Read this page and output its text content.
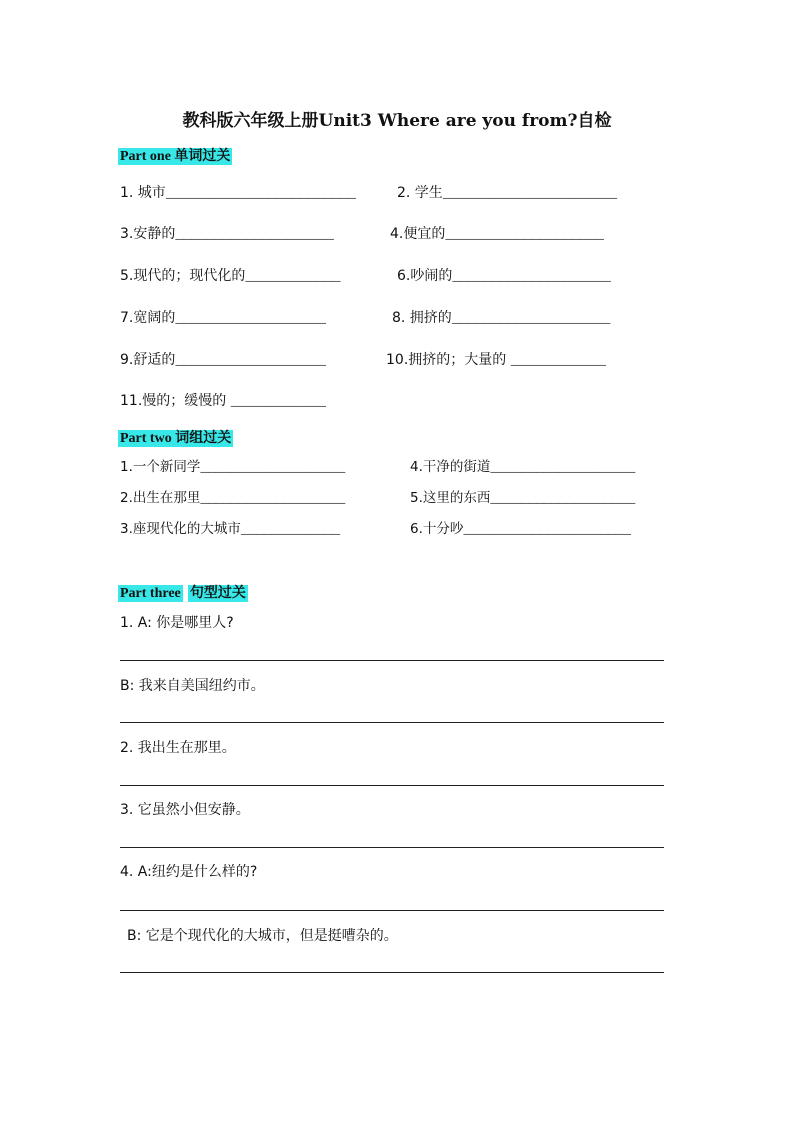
教科版六年级上册Unit3 Where are you from?自检
Part one 单词过关
1. 城市________________________	2. 学生______________________
3.安静的____________________	4.便宜的____________________
5.现代的；现代化的____________	6.吵闹的____________________
7.宽阔的___________________	8. 拥挤的____________________
9.舒适的___________________	10.拥挤的；大量的 ____________
11.慢的；缓慢的 ____________
Part two 词组过关
1.一个新同学___________________	4.干净的街道___________________
2.出生在那里___________________	5.这里的东西___________________
3.座现代化的大城市_____________	6.十分吵______________________
Part three 句型过关
1. A: 你是哪里人?
B: 我来自美国纽约市。
2. 我出生在那里。
3. 它虽然小但安静。
4. A:纽约是什么样的?
B: 它是个现代化的大城市，但是挺嘈杂的。
